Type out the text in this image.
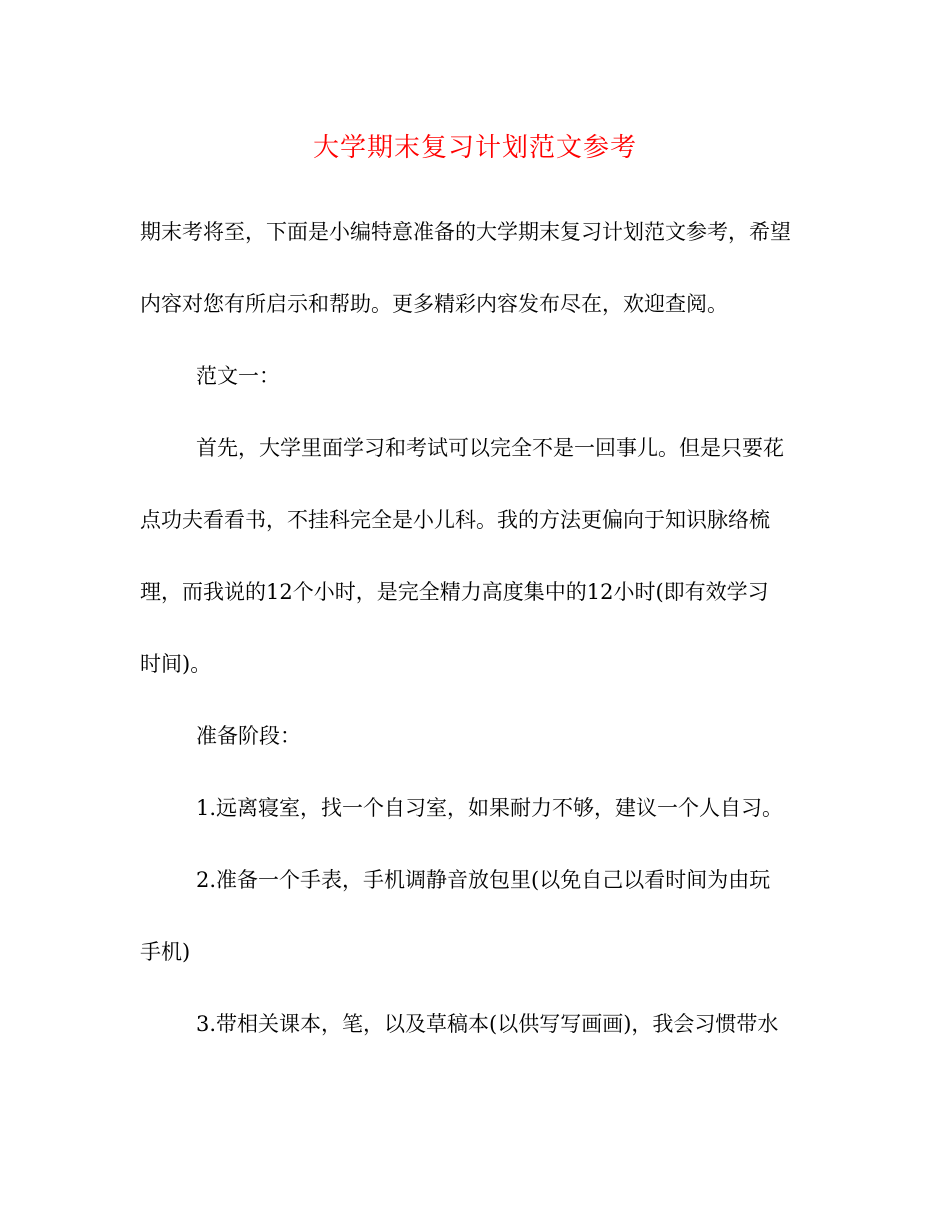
大学期末复习计划范文参考
期末考将至，下面是小编特意准备的大学期末复习计划范文参考，希望
内容对您有所启示和帮助。更多精彩内容发布尽在，欢迎查阅。
范文一：
首先，大学里面学习和考试可以完全不是一回事儿。但是只要花
点功夫看看书，不挂科完全是小儿科。我的方法更偏向于知识脉络梳
理，而我说的12个小时，是完全精力高度集中的12小时(即有效学习
时间)。
准备阶段：
1.远离寝室，找一个自习室，如果耐力不够，建议一个人自习。
2.准备一个手表，手机调静音放包里(以免自己以看时间为由玩
手机)
3.带相关课本，笔，以及草稿本(以供写写画画)，我会习惯带水
